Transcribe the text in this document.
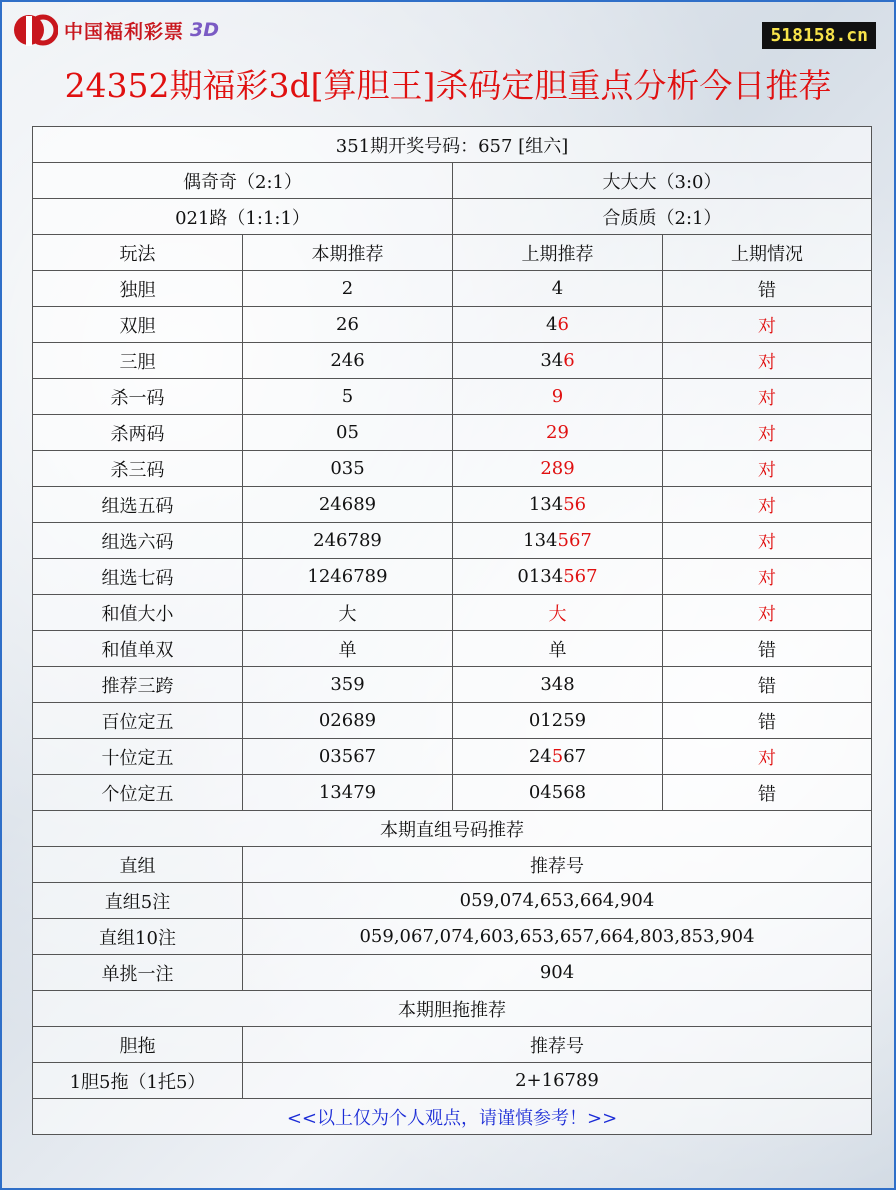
中国福利彩票 3D	518158.cn
24352期福彩3d[算胆王]杀码定胆重点分析今日推荐
351期开奖号码：657 [组六]			
偶奇奇（2:1）		大大大（3:0）	
021路（1:1:1）		合质质（2:1）	
玩法	本期推荐	上期推荐	上期情况
独胆	2	4	错
双胆	26	46	对
三胆	246	346	对
杀一码	5	9	对
杀两码	05	29	对
杀三码	035	289	对
组选五码	24689	13456	对
组选六码	246789	134567	对
组选七码	1246789	0134567	对
和值大小	大	大	对
和值单双	单	单	错
推荐三跨	359	348	错
百位定五	02689	01259	错
十位定五	03567	24567	对
个位定五	13479	04568	错
本期直组号码推荐			
直组	推荐号		
直组5注	059,074,653,664,904		
直组10注	059,067,074,603,653,657,664,803,853,904		
单挑一注	904		
本期胆拖推荐			
胆拖	推荐号		
1胆5拖（1托5）	2+16789		
<<以上仅为个人观点，请谨慎参考！>>			
